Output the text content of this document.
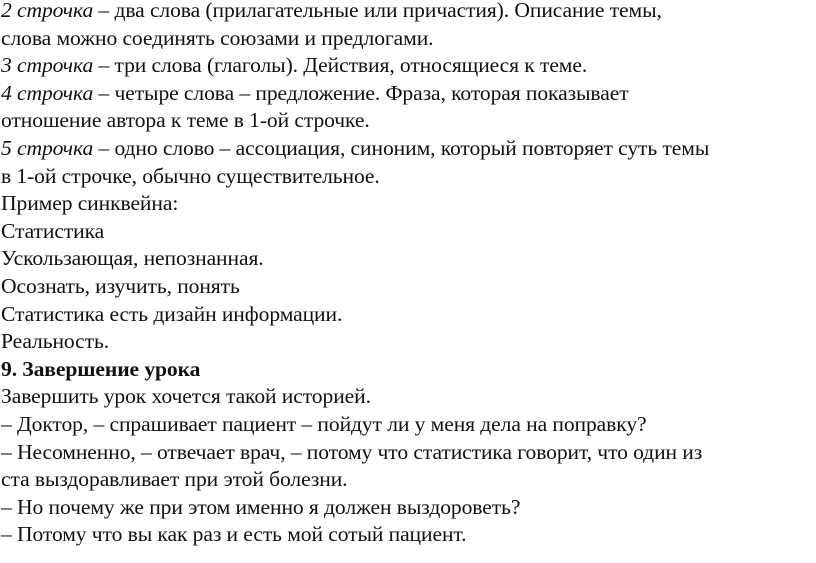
2 строчка – два слова (прилагательные или причастия). Описание темы,

слова можно соединять союзами и предлогами.

3 строчка – три слова (глаголы). Действия, относящиеся к теме.

4 строчка – четыре слова – предложение. Фраза, которая показывает

отношение автора к теме в 1-ой строчке.

5 строчка – одно слово – ассоциация, синоним, который повторяет суть темы

в 1-ой строчке, обычно существительное.

Пример синквейна:

Статистика

Ускользающая, непознанная.

Осознать, изучить, понять

Статистика есть дизайн информации.

Реальность.

9. Завершение урока

Завершить урок хочется такой историей.

– Доктор, – спрашивает пациент – пойдут ли у меня дела на поправку?

– Несомненно, – отвечает врач, – потому что статистика говорит, что один из

ста выздоравливает при этой болезни.

– Но почему же при этом именно я должен выздороветь?

– Потому что вы как раз и есть мой сотый пациент.
